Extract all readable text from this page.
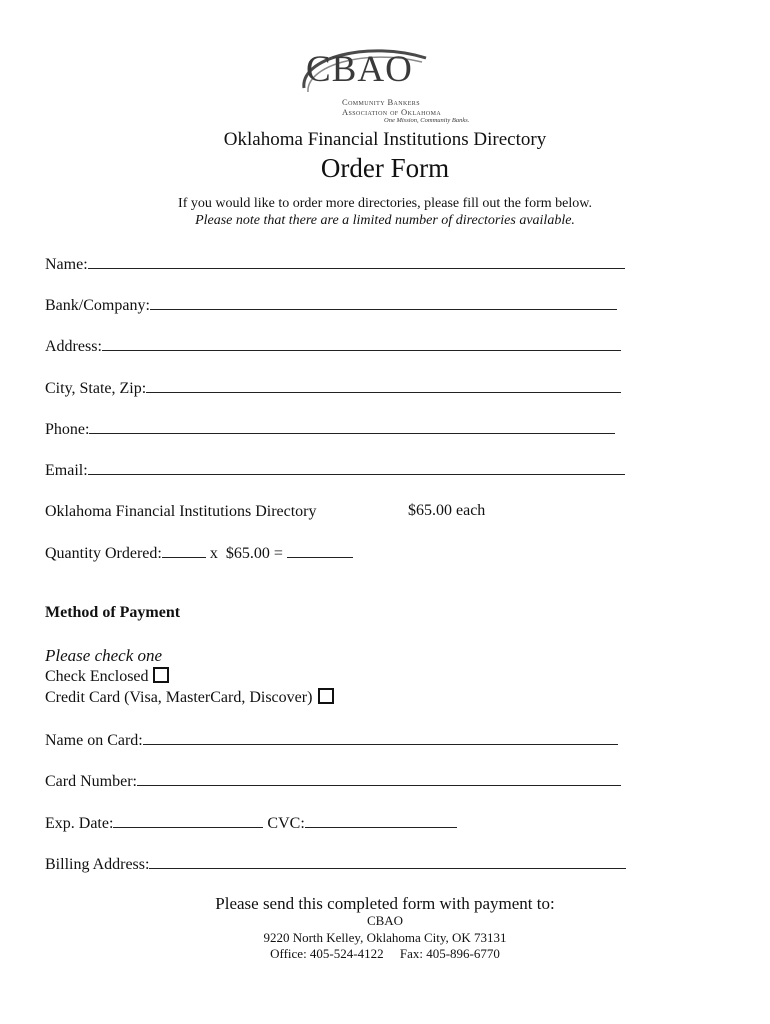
CBAO
Community Bankers
Association of Oklahoma
One Mission, Community Banks.
Oklahoma Financial Institutions Directory
Order Form
If you would like to order more directories, please fill out the form below.
Please note that there are a limited number of directories available.
Name:
Bank/Company:
Address:
City, State, Zip:
Phone:
Email:
Oklahoma Financial Institutions Directory	$65.00 each
Quantity Ordered:	x  $65.00 =
Method of Payment
Please check one
Check Enclosed
Credit Card (Visa, MasterCard, Discover)
Name on Card:
Card Number:
Exp. Date:	CVC:
Billing Address:
Please send this completed form with payment to:
CBAO
9220 North Kelley, Oklahoma City, OK 73131
Office: 405-524-4122     Fax: 405-896-6770
